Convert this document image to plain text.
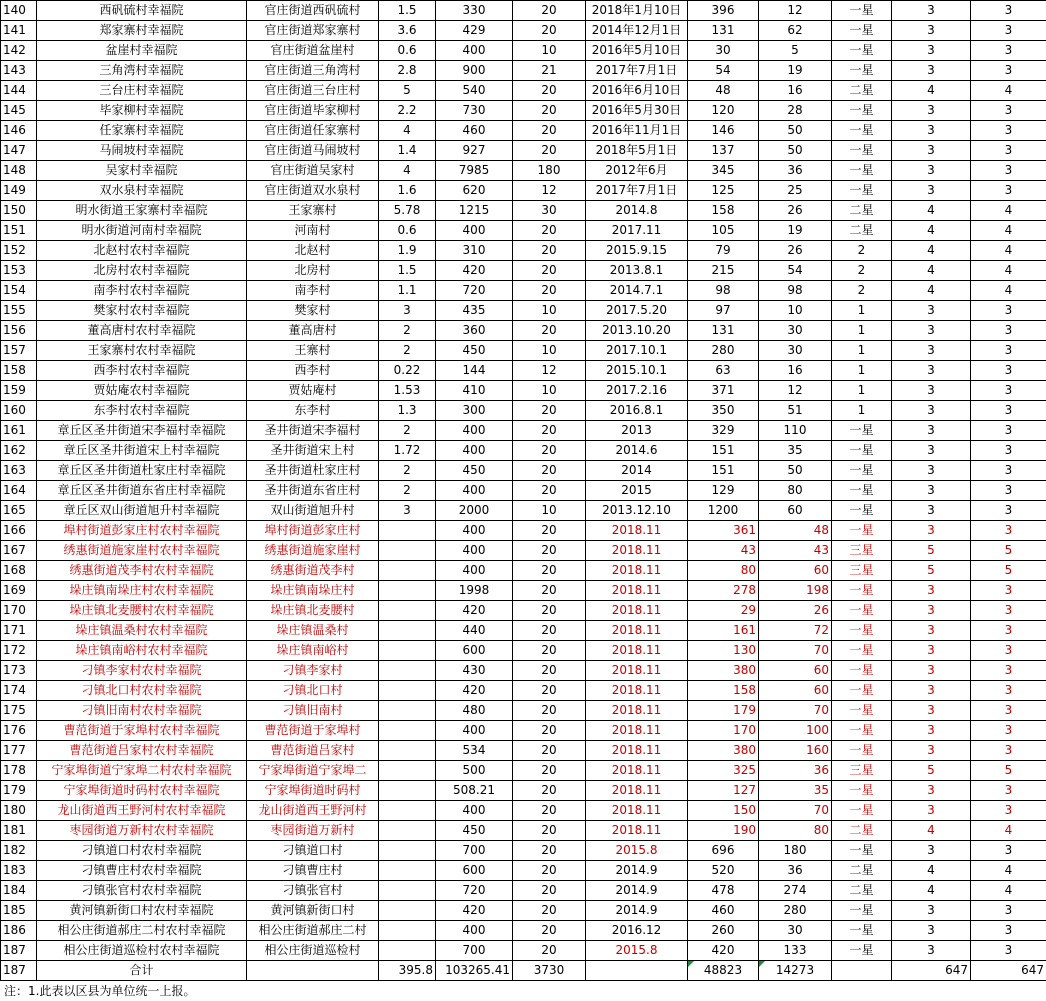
140	西矾硫村幸福院	官庄街道西矾硫村	1.5	330	20	2018年1月10日	396	12	一星	3	3
141	郑家寨村幸福院	官庄街道郑家寨村	3.6	429	20	2014年12月1日	131	62	一星	3	3
142	盆崖村幸福院	官庄街道盆崖村	0.6	400	10	2016年5月10日	30	5	一星	3	3
143	三角湾村幸福院	官庄街道三角湾村	2.8	900	21	2017年7月1日	54	19	一星	3	3
144	三台庄村幸福院	官庄街道三台庄村	5	540	20	2016年6月10日	48	16	二星	4	4
145	毕家柳村幸福院	官庄街道毕家柳村	2.2	730	20	2016年5月30日	120	28	一星	3	3
146	任家寨村幸福院	官庄街道任家寨村	4	460	20	2016年11月1日	146	50	一星	3	3
147	马闹坡村幸福院	官庄街道马闹坡村	1.4	927	20	2018年5月1日	137	50	一星	3	3
148	吴家村幸福院	官庄街道吴家村	4	7985	180	2012年6月	345	36	一星	3	3
149	双水泉村幸福院	官庄街道双水泉村	1.6	620	12	2017年7月1日	125	25	一星	3	3
150	明水街道王家寨村幸福院	王家寨村	5.78	1215	30	2014.8	158	26	二星	4	4
151	明水街道河南村幸福院	河南村	0.6	400	20	2017.11	105	19	二星	4	4
152	北赵村农村幸福院	北赵村	1.9	310	20	2015.9.15	79	26	2	4	4
153	北房村农村幸福院	北房村	1.5	420	20	2013.8.1	215	54	2	4	4
154	南李村农村幸福院	南李村	1.1	720	20	2014.7.1	98	98	2	4	4
155	樊家村农村幸福院	樊家村	3	435	10	2017.5.20	97	10	1	3	3
156	董高唐村农村幸福院	董高唐村	2	360	20	2013.10.20	131	30	1	3	3
157	王家寨村农村幸福院	王寨村	2	450	10	2017.10.1	280	30	1	3	3
158	西李村农村幸福院	西李村	0.22	144	12	2015.10.1	63	16	1	3	3
159	贾姑庵农村幸福院	贾姑庵村	1.53	410	10	2017.2.16	371	12	1	3	3
160	东李村农村幸福院	东李村	1.3	300	20	2016.8.1	350	51	1	3	3
161	章丘区圣井街道宋李福村幸福院	圣井街道宋李福村	2	400	20	2013	329	110	一星	3	3
162	章丘区圣井街道宋上村幸福院	圣井街道宋上村	1.72	400	20	2014.6	151	35	一星	3	3
163	章丘区圣井街道杜家庄村幸福院	圣井街道杜家庄村	2	450	20	2014	151	50	一星	3	3
164	章丘区圣井街道东省庄村幸福院	圣井街道东省庄村	2	400	20	2015	129	80	一星	3	3
165	章丘区双山街道旭升村幸福院	双山街道旭升村	3	2000	10	2013.12.10	1200	60	一星	3	3
166	埠村街道彭家庄村农村幸福院	埠村街道彭家庄村		400	20	2018.11	361	48	一星	3	3
167	绣惠街道施家崖村农村幸福院	绣惠街道施家崖村		400	20	2018.11	43	43	三星	5	5
168	绣惠街道茂李村农村幸福院	绣惠街道茂李村		400	20	2018.11	80	60	三星	5	5
169	垛庄镇南垛庄村农村幸福院	垛庄镇南垛庄村		1998	20	2018.11	278	198	一星	3	3
170	垛庄镇北麦腰村农村幸福院	垛庄镇北麦腰村		420	20	2018.11	29	26	一星	3	3
171	垛庄镇温桑村农村幸福院	垛庄镇温桑村		440	20	2018.11	161	72	一星	3	3
172	垛庄镇南峪村农村幸福院	垛庄镇南峪村		600	20	2018.11	130	70	一星	3	3
173	刁镇李家村农村幸福院	刁镇李家村		430	20	2018.11	380	60	一星	3	3
174	刁镇北口村农村幸福院	刁镇北口村		420	20	2018.11	158	60	一星	3	3
175	刁镇旧南村农村幸福院	刁镇旧南村		480	20	2018.11	179	70	一星	3	3
176	曹范街道于家埠村农村幸福院	曹范街道于家埠村		400	20	2018.11	170	100	一星	3	3
177	曹范街道吕家村农村幸福院	曹范街道吕家村		534	20	2018.11	380	160	一星	3	3
178	宁家埠街道宁家埠二村农村幸福院	宁家埠街道宁家埠二		500	20	2018.11	325	36	三星	5	5
179	宁家埠街道时码村农村幸福院	宁家埠街道时码村		508.21	20	2018.11	127	35	一星	3	3
180	龙山街道西王野河村农村幸福院	龙山街道西王野河村		400	20	2018.11	150	70	一星	3	3
181	枣园街道万新村农村幸福院	枣园街道万新村		450	20	2018.11	190	80	二星	4	4
182	刁镇道口村农村幸福院	刁镇道口村		700	20	2015.8	696	180	一星	3	3
183	刁镇曹庄村农村幸福院	刁镇曹庄村		600	20	2014.9	520	36	二星	4	4
184	刁镇张官村农村幸福院	刁镇张官村		720	20	2014.9	478	274	二星	4	4
185	黄河镇新街口村农村幸福院	黄河镇新街口村		420	20	2014.9	460	280	一星	3	3
186	相公庄街道郝庄二村农村幸福院	相公庄街道郝庄二村		400	20	2016.12	260	30	一星	3	3
187	相公庄街道巡检村农村幸福院	相公庄街道巡检村		700	20	2015.8	420	133	一星	3	3
187	合计		395.8	103265.41	3730		48823	14273		647	647
注：1.此表以区县为单位统一上报。
